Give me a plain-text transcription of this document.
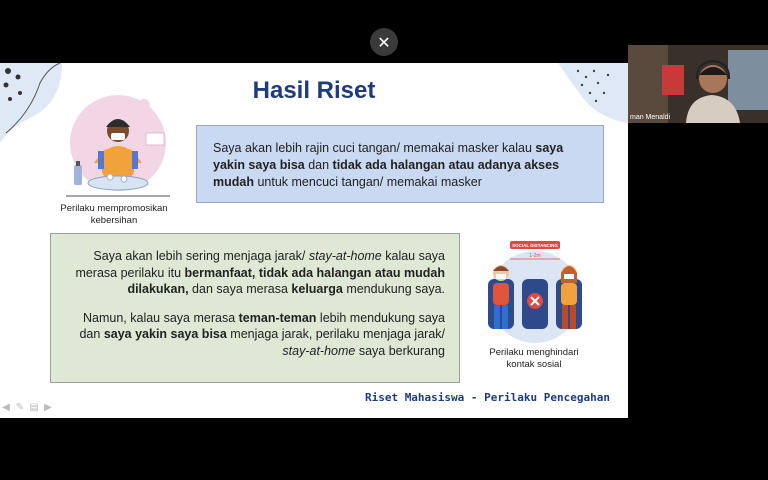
✕
Hasil Riset
Perilaku mempromosikan kebersihan
Saya akan lebih rajin cuci tangan/ memakai masker kalau saya yakin saya bisa dan tidak ada halangan atau adanya akses mudah untuk mencuci tangan/ memakai masker

Saya akan lebih sering menjaga jarak/ stay-at-home kalau saya merasa perilaku itu bermanfaat, tidak ada halangan atau mudah dilakukan, dan saya merasa keluarga mendukung saya.

Namun, kalau saya merasa teman-teman lebih mendukung saya dan saya yakin saya bisa menjaga jarak, perilaku menjaga jarak/ stay-at-home saya berkurang

SOCIAL DISTANCING
1-2m
Perilaku menghindari kontak sosial
Riset Mahasiswa - Perilaku Pencegahan
◀ ✎ ▤ ▶
man Menaldi
